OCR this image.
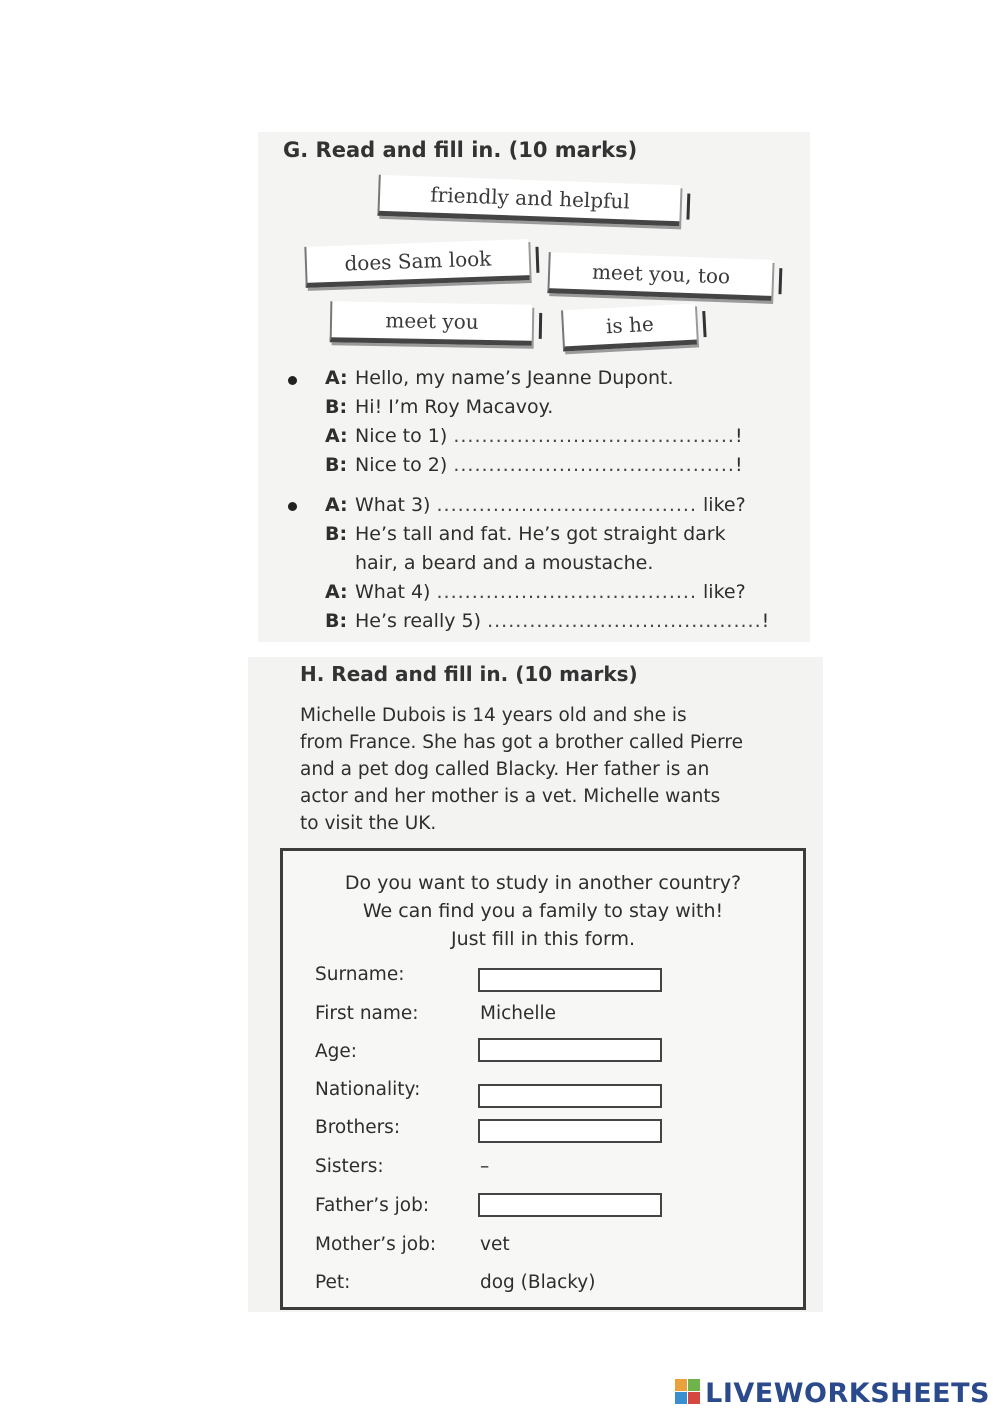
G. Read and fill in. (10 marks)
friendly and helpful
does Sam look	meet you, too
meet you	is he
A: Hello, my name’s Jeanne Dupont.
B: Hi! I’m Roy Macavoy.
A: Nice to 1) ........................................!
B: Nice to 2) ........................................!
A: What 3) ..................................... like?
B: He’s tall and fat. He’s got straight dark
hair, a beard and a moustache.
A: What 4) ..................................... like?
B: He’s really 5) .......................................!
H. Read and fill in. (10 marks)
Michelle Dubois is 14 years old and she is
from France. She has got a brother called Pierre
and a pet dog called Blacky. Her father is an
actor and her mother is a vet. Michelle wants
to visit the UK.
Do you want to study in another country?
We can find you a family to stay with!
Just fill in this form.
Surname:
First name:	Michelle
Age:
Nationality:
Brothers:
Sisters:	–
Father’s job:
Mother’s job: vet
Pet:	dog (Blacky)
LIVEWORKSHEETS
